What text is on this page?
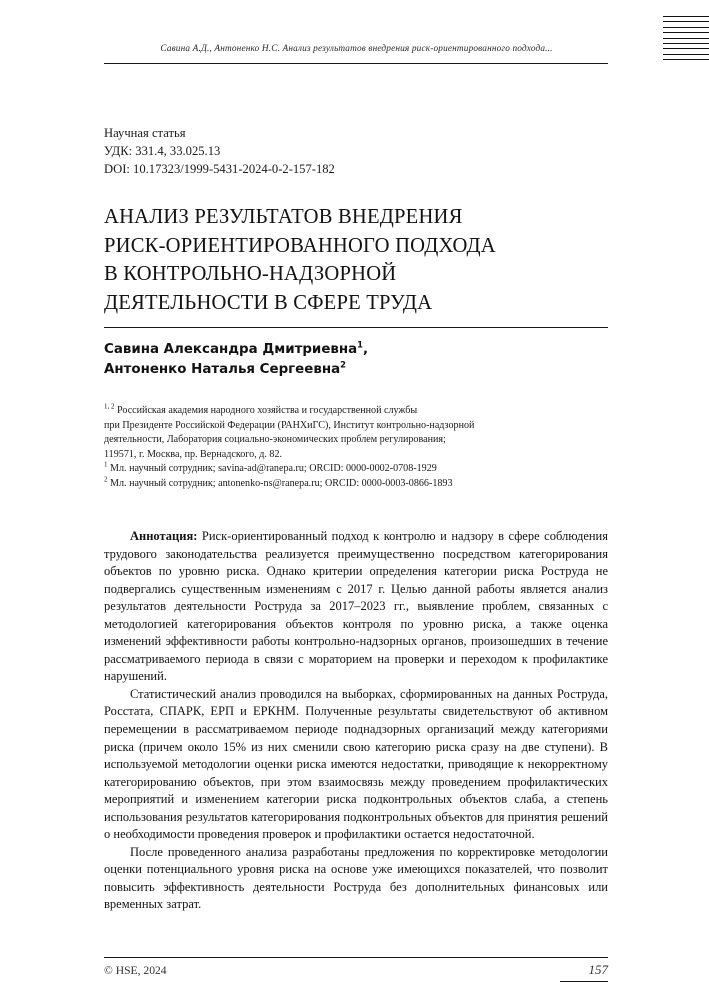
Савина А.Д., Антоненко Н.С. Анализ результатов внедрения риск-ориентированного подхода...
Научная статья
УДК: 331.4, 33.025.13
DOI: 10.17323/1999-5431-2024-0-2-157-182
АНАЛИЗ РЕЗУЛЬТАТОВ ВНЕДРЕНИЯ
РИСК-ОРИЕНТИРОВАННОГО ПОДХОДА
В КОНТРОЛЬНО-НАДЗОРНОЙ
ДЕЯТЕЛЬНОСТИ В СФЕРЕ ТРУДА
Савина Александра Дмитриевна$^1$,
Антоненко Наталья Сергеевна$^2$
$^{1, 2}$ Российская академия народного хозяйства и государственной службы
при Президенте Российской Федерации (РАНХиГС), Институт контрольно-надзорной
деятельности, Лаборатория социально-экономических проблем регулирования;
119571, г. Москва, пр. Вернадского, д. 82.
$^1$ Мл. научный сотрудник; savina-ad@ranepa.ru; ORCID: 0000-0002-0708-1929
$^2$ Мл. научный сотрудник; antonenko-ns@ranepa.ru; ORCID: 0000-0003-0866-1893

Аннотация: Риск-ориентированный подход к контролю и надзору в сфере соблюдения трудового законодательства реализуется преимущественно посредством категорирования объектов по уровню риска. Однако критерии определения категории риска Роструда не подвергались существенным изменениям с 2017 г. Целью данной работы является анализ результатов деятельности Роструда за 2017–2023 гг., выявление проблем, связанных с методологией категорирования объектов контроля по уровню риска, а также оценка изменений эффективности работы контрольно-надзорных органов, произошедших в течение рассматриваемого периода в связи с мораторием на проверки и переходом к профилактике нарушений.

Статистический анализ проводился на выборках, сформированных на данных Роструда, Росстата, СПАРК, ЕРП и ЕРКНМ. Полученные результаты свидетельствуют об активном перемещении в рассматриваемом периоде поднадзорных организаций между категориями риска (причем около 15% из них сменили свою категорию риска сразу на две ступени). В используемой методологии оценки риска имеются недостатки, приводящие к некорректному категорированию объектов, при этом взаимосвязь между проведением профилактических мероприятий и изменением категории риска подконтрольных объектов слаба, а степень использования результатов категорирования подконтрольных объектов для принятия решений о необходимости проведения проверок и профилактики остается недостаточной.

После проведенного анализа разработаны предложения по корректировке методологии оценки потенциального уровня риска на основе уже имеющихся показателей, что позволит повысить эффективность деятельности Роструда без дополнительных финансовых или временных затрат.

© HSE, 2024	157
